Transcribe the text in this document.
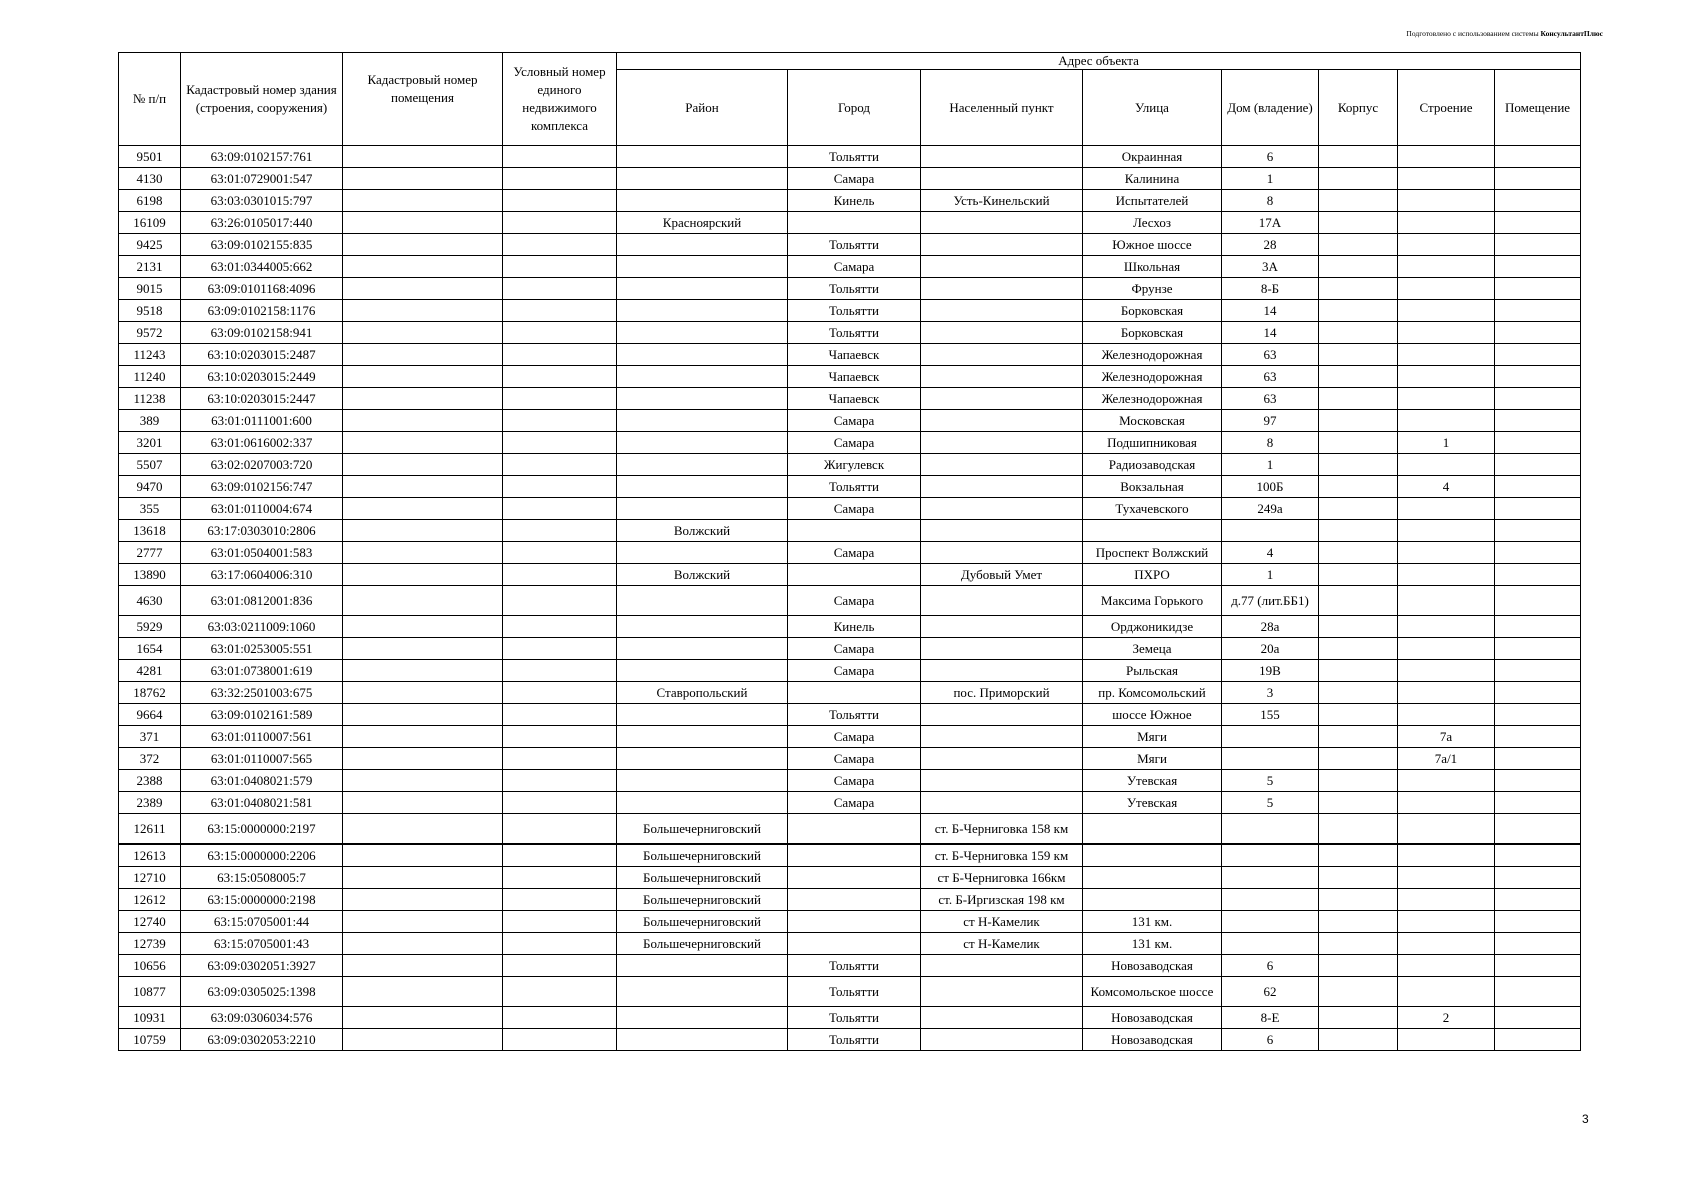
Подготовлено с использованием системы КонсультантПлюс
№ п/п	Кадастровый номер здания (строения, сооружения)	Кадастровый номер помещения	Условный номер единого недвижимого комплекса	Адрес объекта							
				Район	Город	Населенный пункт	Улица	Дом (владение)	Корпус	Строение	Помещение
9501	63:09:0102157:761				Тольятти		Окраинная	6			
4130	63:01:0729001:547				Самара		Калинина	1			
6198	63:03:0301015:797				Кинель	Усть-Кинельский	Испытателей	8			
16109	63:26:0105017:440			Красноярский			Лесхоз	17А			
9425	63:09:0102155:835				Тольятти		Южное шоссе	28			
2131	63:01:0344005:662				Самара		Школьная	3А			
9015	63:09:0101168:4096				Тольятти		Фрунзе	8-Б			
9518	63:09:0102158:1176				Тольятти		Борковская	14			
9572	63:09:0102158:941				Тольятти		Борковская	14			
11243	63:10:0203015:2487				Чапаевск		Железнодорожная	63			
11240	63:10:0203015:2449				Чапаевск		Железнодорожная	63			
11238	63:10:0203015:2447				Чапаевск		Железнодорожная	63			
389	63:01:0111001:600				Самара		Московская	97			
3201	63:01:0616002:337				Самара		Подшипниковая	8		1	
5507	63:02:0207003:720				Жигулевск		Радиозаводская	1			
9470	63:09:0102156:747				Тольятти		Вокзальная	100Б		4	
355	63:01:0110004:674				Самара		Тухачевского	249а			
13618	63:17:0303010:2806			Волжский							
2777	63:01:0504001:583				Самара		Проспект Волжский	4			
13890	63:17:0604006:310			Волжский		Дубовый Умет	ПХРО	1			
4630	63:01:0812001:836				Самара		Максима Горького	д.77 (лит.ББ1)			
5929	63:03:0211009:1060				Кинель		Орджоникидзе	28а			
1654	63:01:0253005:551				Самара		Земеца	20а			
4281	63:01:0738001:619				Самара		Рыльская	19В			
18762	63:32:2501003:675			Ставропольский		пос. Приморский	пр. Комсомольский	3			
9664	63:09:0102161:589				Тольятти		шоссе Южное	155			
371	63:01:0110007:561				Самара		Мяги			7а	
372	63:01:0110007:565				Самара		Мяги			7а/1	
2388	63:01:0408021:579				Самара		Утевская	5			
2389	63:01:0408021:581				Самара		Утевская	5			
12611	63:15:0000000:2197			Большечерниговский		ст. Б-Черниговка 158 км					
12613	63:15:0000000:2206			Большечерниговский		ст. Б-Черниговка 159 км					
12710	63:15:0508005:7			Большечерниговский		ст Б-Черниговка 166км					
12612	63:15:0000000:2198			Большечерниговский		ст. Б-Иргизская 198 км					
12740	63:15:0705001:44			Большечерниговский		ст Н-Камелик	131 км.				
12739	63:15:0705001:43			Большечерниговский		ст Н-Камелик	131 км.				
10656	63:09:0302051:3927				Тольятти		Новозаводская	6			
10877	63:09:0305025:1398				Тольятти		Комсомольское шоссе	62			
10931	63:09:0306034:576				Тольятти		Новозаводская	8-Е		2	
10759	63:09:0302053:2210				Тольятти		Новозаводская	6			
3
